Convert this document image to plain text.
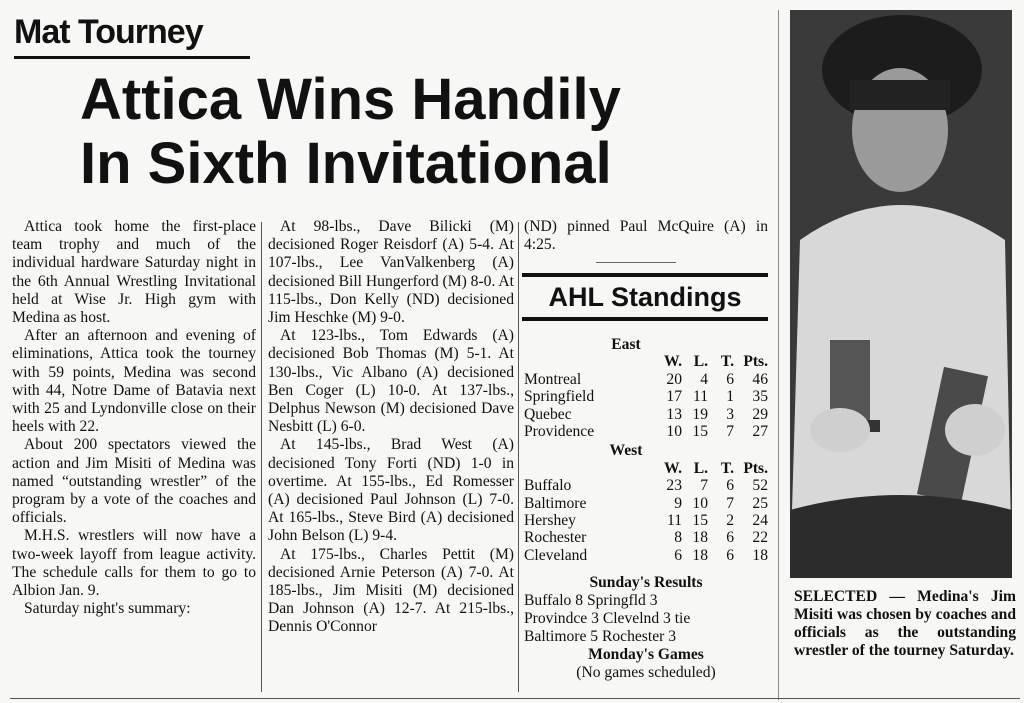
Mat Tourney
Attica Wins Handily
In Sixth Invitational

Attica took home the first-place team trophy and much of the individual hardware Saturday night in the 6th Annual Wrestling Invitational held at Wise Jr. High gym with Medina as host.

After an afternoon and evening of eliminations, Attica took the tourney with 59 points, Medina was second with 44, Notre Dame of Batavia next with 25 and Lyndonville close on their heels with 22.

About 200 spectators viewed the action and Jim Misiti of Medina was named “outstanding wrestler” of the program by a vote of the coaches and officials.

M.H.S. wrestlers will now have a two-week layoff from league activity. The schedule calls for them to go to Albion Jan. 9.

Saturday night's summary:

At 98-lbs., Dave Bilicki (M) decisioned Roger Reisdorf (A) 5-4. At 107-lbs., Lee VanValkenberg (A) decisioned Bill Hungerford (M) 8-0. At 115-lbs., Don Kelly (ND) decisioned Jim Heschke (M) 9-0.

At 123-lbs., Tom Edwards (A) decisioned Bob Thomas (M) 5-1. At 130-lbs., Vic Albano (A) decisioned Ben Coger (L) 10-0. At 137-lbs., Delphus Newson (M) decisioned Dave Nesbitt (L) 6-0.

At 145-lbs., Brad West (A) decisioned Tony Forti (ND) 1-0 in overtime. At 155-lbs., Ed Romesser (A) decisioned Paul Johnson (L) 7-0. At 165-lbs., Steve Bird (A) decisioned John Belson (L) 9-4.

At 175-lbs., Charles Pettit (M) decisioned Arnie Peterson (A) 7-0. At 185-lbs., Jim Misiti (M) decisioned Dan Johnson (A) 12-7. At 215-lbs., Dennis O'Connor

(ND) pinned Paul McQuire (A) in 4:25.

AHL Standings
East
	W.	L.	T.	Pts.
Montreal	20	4	6	46
Springfield	17	11	1	35
Quebec	13	19	3	29
Providence	10	15	7	27
West
	W.	L.	T.	Pts.
Buffalo	23	7	6	52
Baltimore	9	10	7	25
Hershey	11	15	2	24
Rochester	8	18	6	22
Cleveland	6	18	6	18
Sunday's Results
Buffalo 8 Springfld 3
Provindce 3 Clevelnd 3 tie
Baltimore 5 Rochester 3
Monday's Games
(No games scheduled)
SELECTED — Medina's Jim Misiti was chosen by coaches and officials as the outstanding wrestler of the tourney Saturday.
